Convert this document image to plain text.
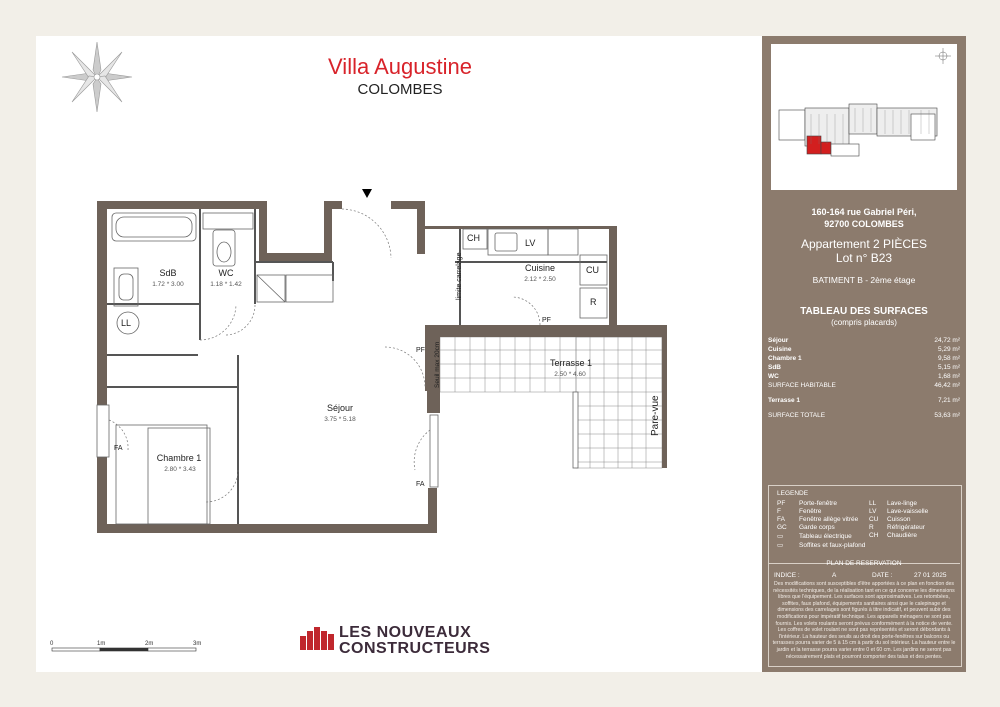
Villa Augustine
COLOMBES
SdB
1.72 * 3.00
WC
1.18 * 1.42
Cuisine
2.12 * 2.50
Séjour
3.75 * 5.18
Chambre 1
2.80 * 3.43
Terrasse 1
2.50 * 4.60
LL
CH	LV
CU
R
PF
PF
FA
FA
limite carrelage
Seuil max 20cm
Pare-vue
0	1m	2m	3m
LES NOUVEAUX
CONSTRUCTEURS
160-164 rue Gabriel Péri,
92700 COLOMBES
Appartement 2 PIÈCES
Lot n° B23
BATIMENT B - 2ème étage
TABLEAU DES SURFACES
(compris placards)
Séjour	24,72 m²
Cuisine	5,29 m²
Chambre 1	9,58 m²
SdB	5,15 m²
WC	1,68 m²
SURFACE HABITABLE	46,42 m²
Terrasse 1	7,21 m²
SURFACE TOTALE	53,63 m²
LEGENDE
PF Porte-fenêtre
F	Fenêtre
FA Fenêtre allège vitrée
GC Garde corps
▭ Tableau électrique
▭ Soffites et faux-plafond
LL Lave-linge
LV Lave-vaisselle
CU Cuisson
R Réfrigérateur
CH Chaudière
PLAN DE RESERVATION
INDICE :	A	DATE :	27 01 2025
Des modifications sont susceptibles d'être apportées à ce plan en fonction des nécessités techniques, de la réalisation tant en ce qui concerne les dimensions libres que l'équipement. Les surfaces sont approximatives. Les retombées, soffites, faux plafond, équipements sanitaires ainsi que le calepinage et dimensions des carrelages sont figurés à titre indicatif, et peuvent subir des modifications pour impératif technique. Les appareils ménagers ne sont pas fournis. Les volets roulants seront prévus conformément à la notice de vente. Les coffres de volet roulant ne sont pas représentés et seront débordants à l'intérieur. La hauteur des seuils au droit des porte-fenêtres sur balcons ou terrasses pourra varier de 5 à 15 cm à partir du sol intérieur. La hauteur entre le jardin et la terrasse pourra varier entre 0 et 60 cm. Les jardins ne seront pas nécessairement plats et pourront comporter des talus et des pentes.
